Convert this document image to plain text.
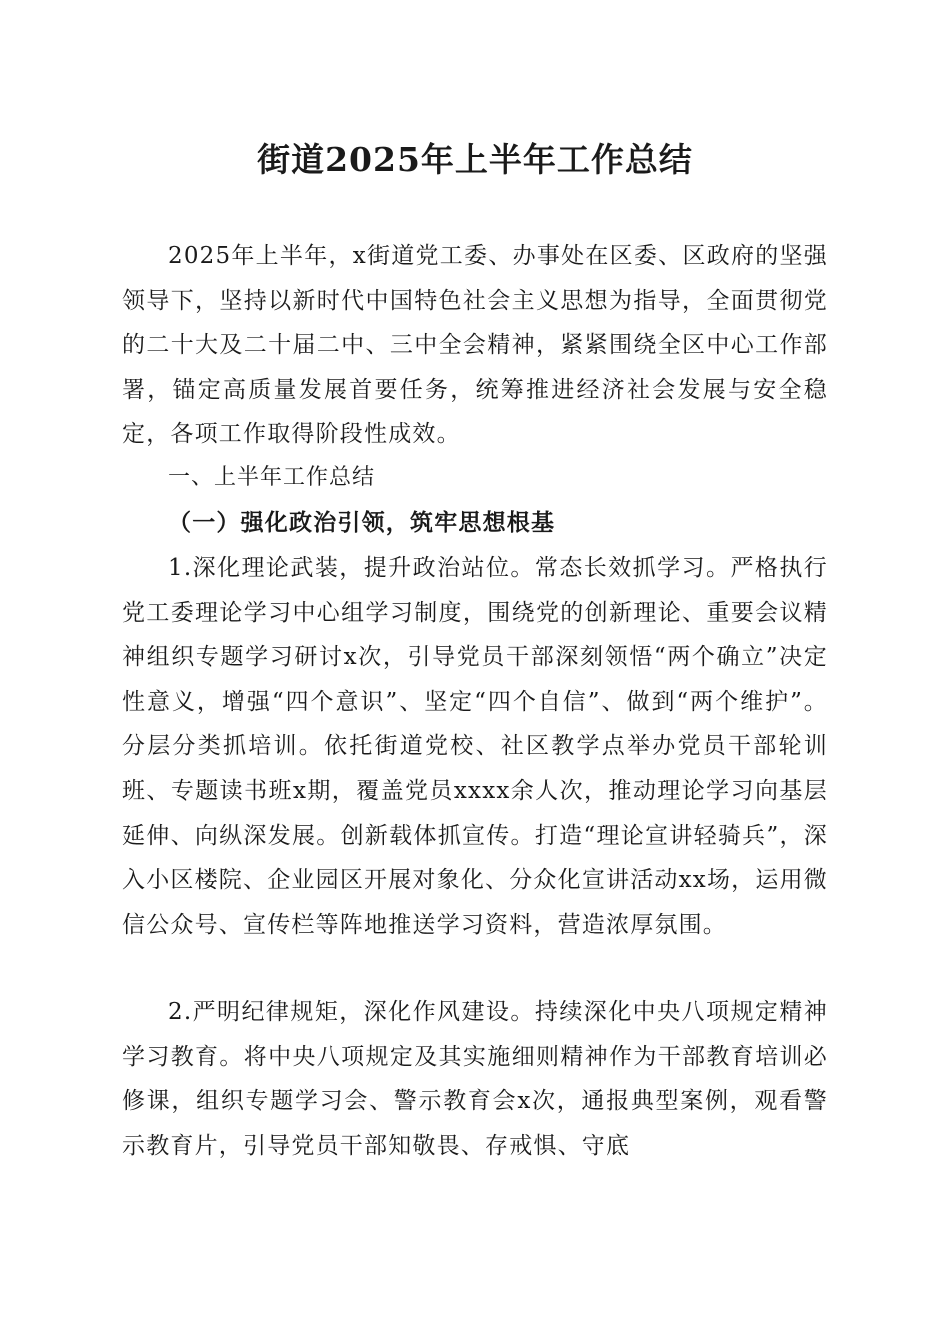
街道2025年上半年工作总结

2025年上半年，x街道党工委、办事处在区委、区政府的坚强领导下，坚持以新时代中国特色社会主义思想为指导，全面贯彻党的二十大及二十届二中、三中全会精神，紧紧围绕全区中心工作部署，锚定高质量发展首要任务，统筹推进经济社会发展与安全稳定，各项工作取得阶段性成效。

一、上半年工作总结
（一）强化政治引领，筑牢思想根基

1.深化理论武装，提升政治站位。常态长效抓学习。严格执行党工委理论学习中心组学习制度，围绕党的创新理论、重要会议精神组织专题学习研讨x次，引导党员干部深刻领悟“两个确立”决定性意义，增强“四个意识”、坚定“四个自信”、做到“两个维护”。分层分类抓培训。依托街道党校、社区教学点举办党员干部轮训班、专题读书班x期，覆盖党员xxxx余人次，推动理论学习向基层延伸、向纵深发展。创新载体抓宣传。打造“理论宣讲轻骑兵”，深入小区楼院、企业园区开展对象化、分众化宣讲活动xx场，运用微信公众号、宣传栏等阵地推送学习资料，营造浓厚氛围。

2.严明纪律规矩，深化作风建设。持续深化中央八项规定精神学习教育。将中央八项规定及其实施细则精神作为干部教育培训必修课，组织专题学习会、警示教育会x次，通报典型案例，观看警示教育片，引导党员干部知敬畏、存戒惧、守底
